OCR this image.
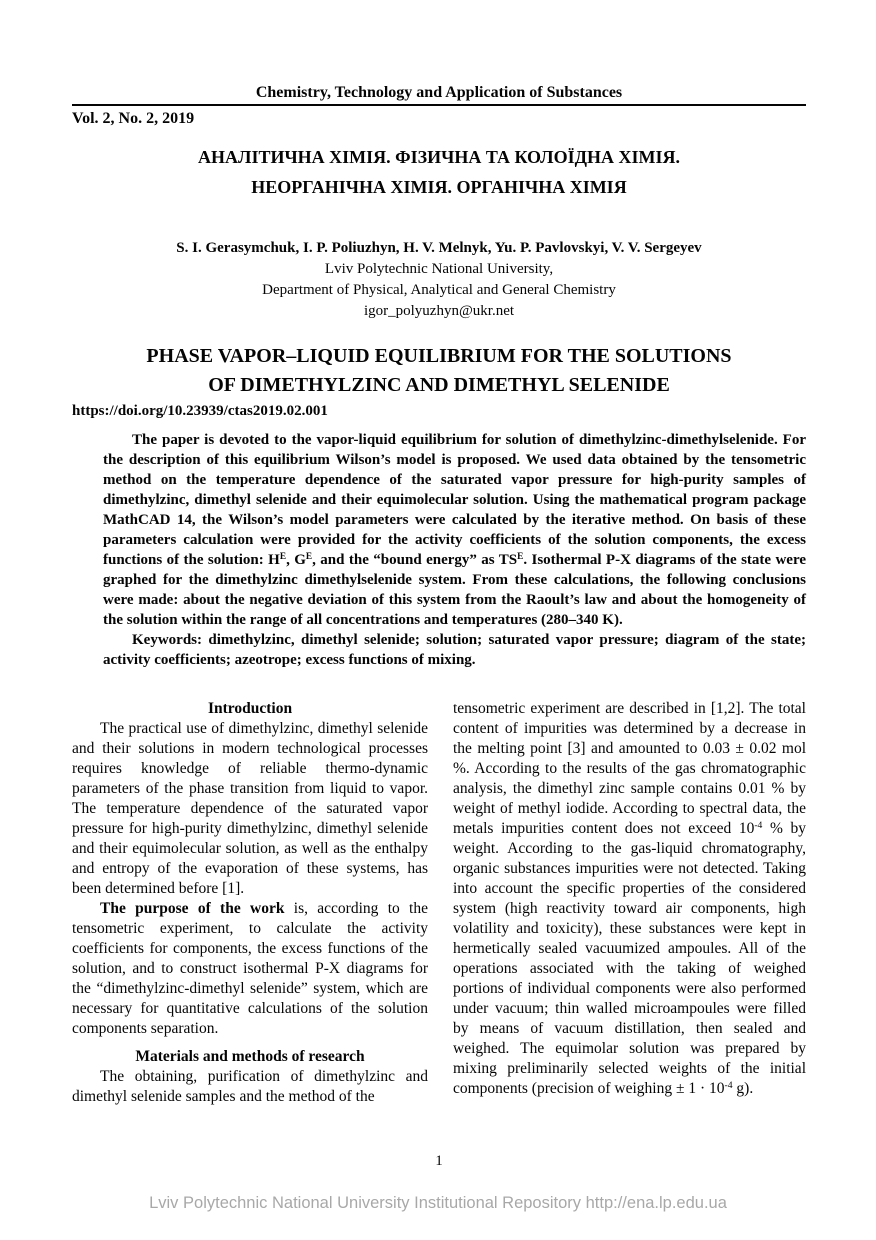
Chemistry, Technology and Application of Substances
Vol. 2, No. 2, 2019
АНАЛІТИЧНА ХІМІЯ. ФІЗИЧНА ТА КОЛОЇДНА ХІМІЯ.
НЕОРГАНІЧНА ХІМІЯ. ОРГАНІЧНА ХІМІЯ
S. I. Gerasymchuk, I. P. Poliuzhyn, H. V. Melnyk, Yu. P. Pavlovskyi, V. V. Sergeyev
Lviv Polytechnic National University,
Department of Physical, Analytical and General Chemistry
igor_polyuzhyn@ukr.net
PHASE VAPOR–LIQUID EQUILIBRIUM FOR THE SOLUTIONS
OF DIMETHYLZINC AND DIMETHYL SELENIDE
https://doi.org/10.23939/ctas2019.02.001

The paper is devoted to the vapor-liquid equilibrium for solution of dimethylzinc-dimethylselenide. For the description of this equilibrium Wilson’s model is proposed. We used data obtained by the tensometric method on the temperature dependence of the saturated vapor pressure for high-purity samples of dimethylzinc, dimethyl selenide and their equimolecular solution. Using the mathematical program package MathCAD 14, the Wilson’s model parameters were calculated by the iterative method. On basis of these parameters calculation were provided for the activity coefficients of the solution components, the excess functions of the solution: $H^E$, $G^E$, and the “bound energy” as $TS^E$. Isothermal P-X diagrams of the state were graphed for the dimethylzinc dimethylselenide system. From these calculations, the following conclusions were made: about the negative deviation of this system from the Raoult’s law and about the homogeneity of the solution within the range of all concentrations and temperatures (280–340 K).

Keywords: dimethylzinc, dimethyl selenide; solution; saturated vapor pressure; diagram of the state; activity coefficients; azeotrope; excess functions of mixing.

Introduction

The practical use of dimethylzinc, dimethyl selenide and their solutions in modern technological processes requires knowledge of reliable thermo-dynamic parameters of the phase transition from liquid to vapor. The temperature dependence of the saturated vapor pressure for high-purity dimethylzinc, dimethyl selenide and their equimolecular solution, as well as the enthalpy and entropy of the evaporation of these systems, has been determined before [1].

The purpose of the work is, according to the tensometric experiment, to calculate the activity coefficients for components, the excess functions of the solution, and to construct isothermal P-X diagrams for the “dimethylzinc-dimethyl selenide” system, which are necessary for quantitative calculations of the solution components separation.

Materials and methods of research

The obtaining, purification of dimethylzinc and dimethyl selenide samples and the method of the

tensometric experiment are described in [1,2]. The total content of impurities was determined by a decrease in the melting point [3] and amounted to 0.03 ± 0.02 mol %. According to the results of the gas chromatographic analysis, the dimethyl zinc sample contains 0.01 % by weight of methyl iodide. According to spectral data, the metals impurities content does not exceed $10^{-4}$ % by weight. According to the gas-liquid chromatography, organic substances impurities were not detected. Taking into account the specific properties of the considered system (high reactivity toward air components, high volatility and toxicity), these substances were kept in hermetically sealed vacuumized ampoules. All of the operations associated with the taking of weighed portions of individual components were also performed under vacuum; thin walled microampoules were filled by means of vacuum distillation, then sealed and weighed. The equimolar solution was prepared by mixing preliminarily selected weights of the initial components (precision of weighing ± $1 \cdot 10^{-4}$ g).

1
Lviv Polytechnic National University Institutional Repository http://ena.lp.edu.ua
